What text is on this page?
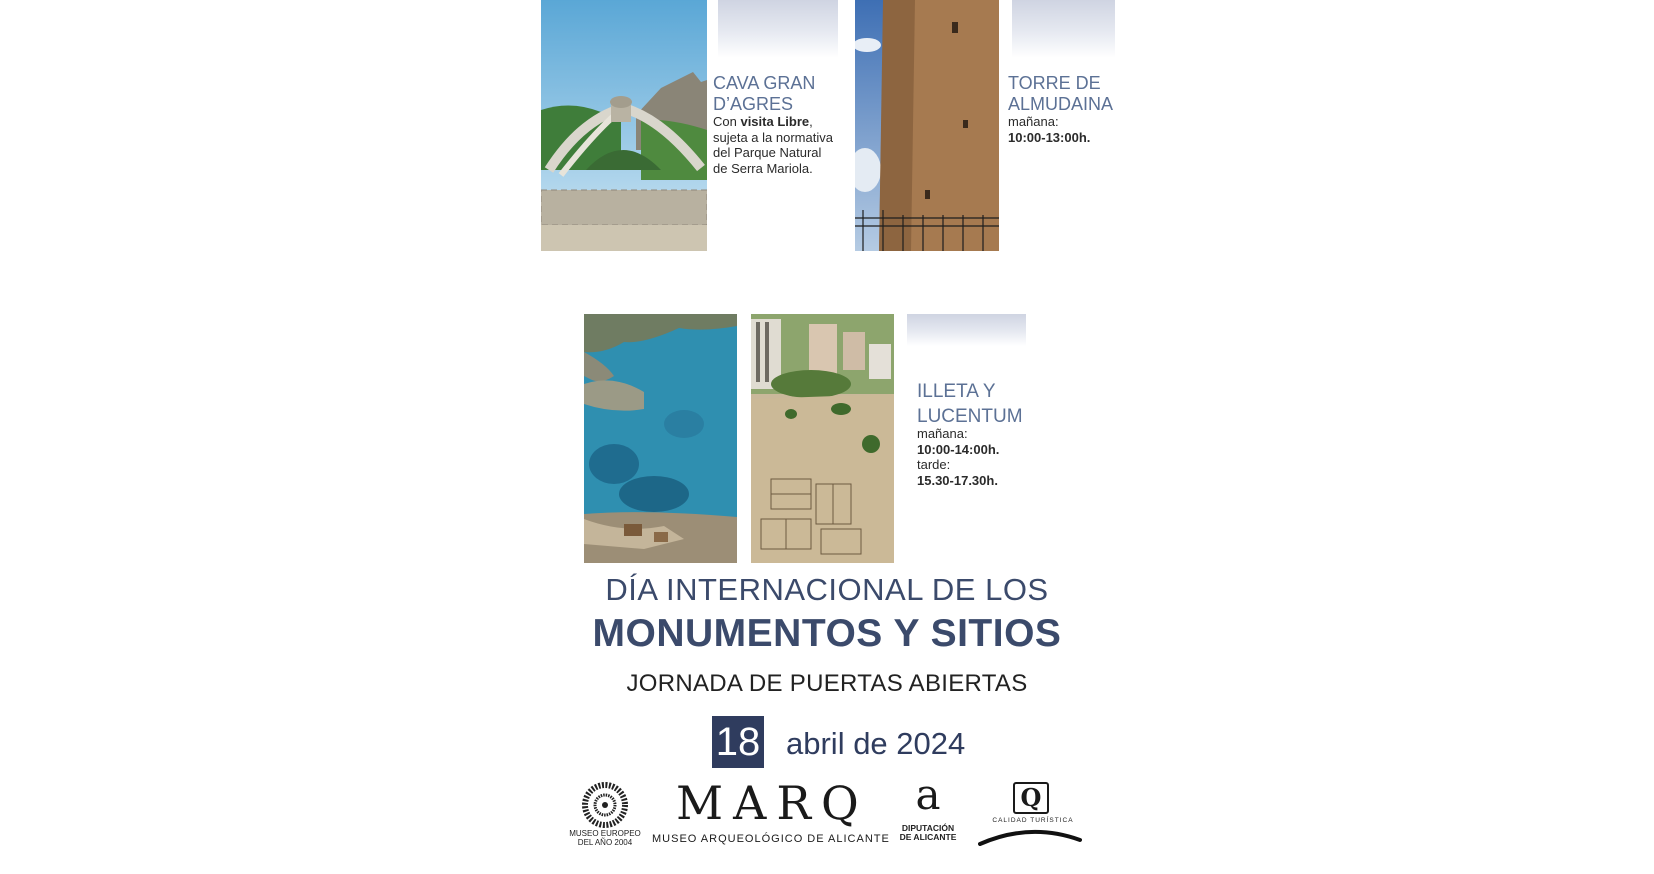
CAVA GRAN
D’AGRES
Con visita Libre,
sujeta a la normativa
del Parque Natural
de Serra Mariola.
TORRE DE
ALMUDAINA
mañana:
10:00-13:00h.
ILLETA Y
LUCENTUM
mañana:
10:00-14:00h.
tarde:
15.30-17.30h.
DÍA INTERNACIONAL DE LOS
MONUMENTOS Y SITIOS
JORNADA DE PUERTAS ABIERTAS
18 abril de 2024
MUSEO EUROPEO
DEL AÑO 2004
MARQ
MUSEO ARQUEOLÓGICO DE ALICANTE
a
DIPUTACIÓN
DE ALICANTE
Q
CALIDAD TURÍSTICA
